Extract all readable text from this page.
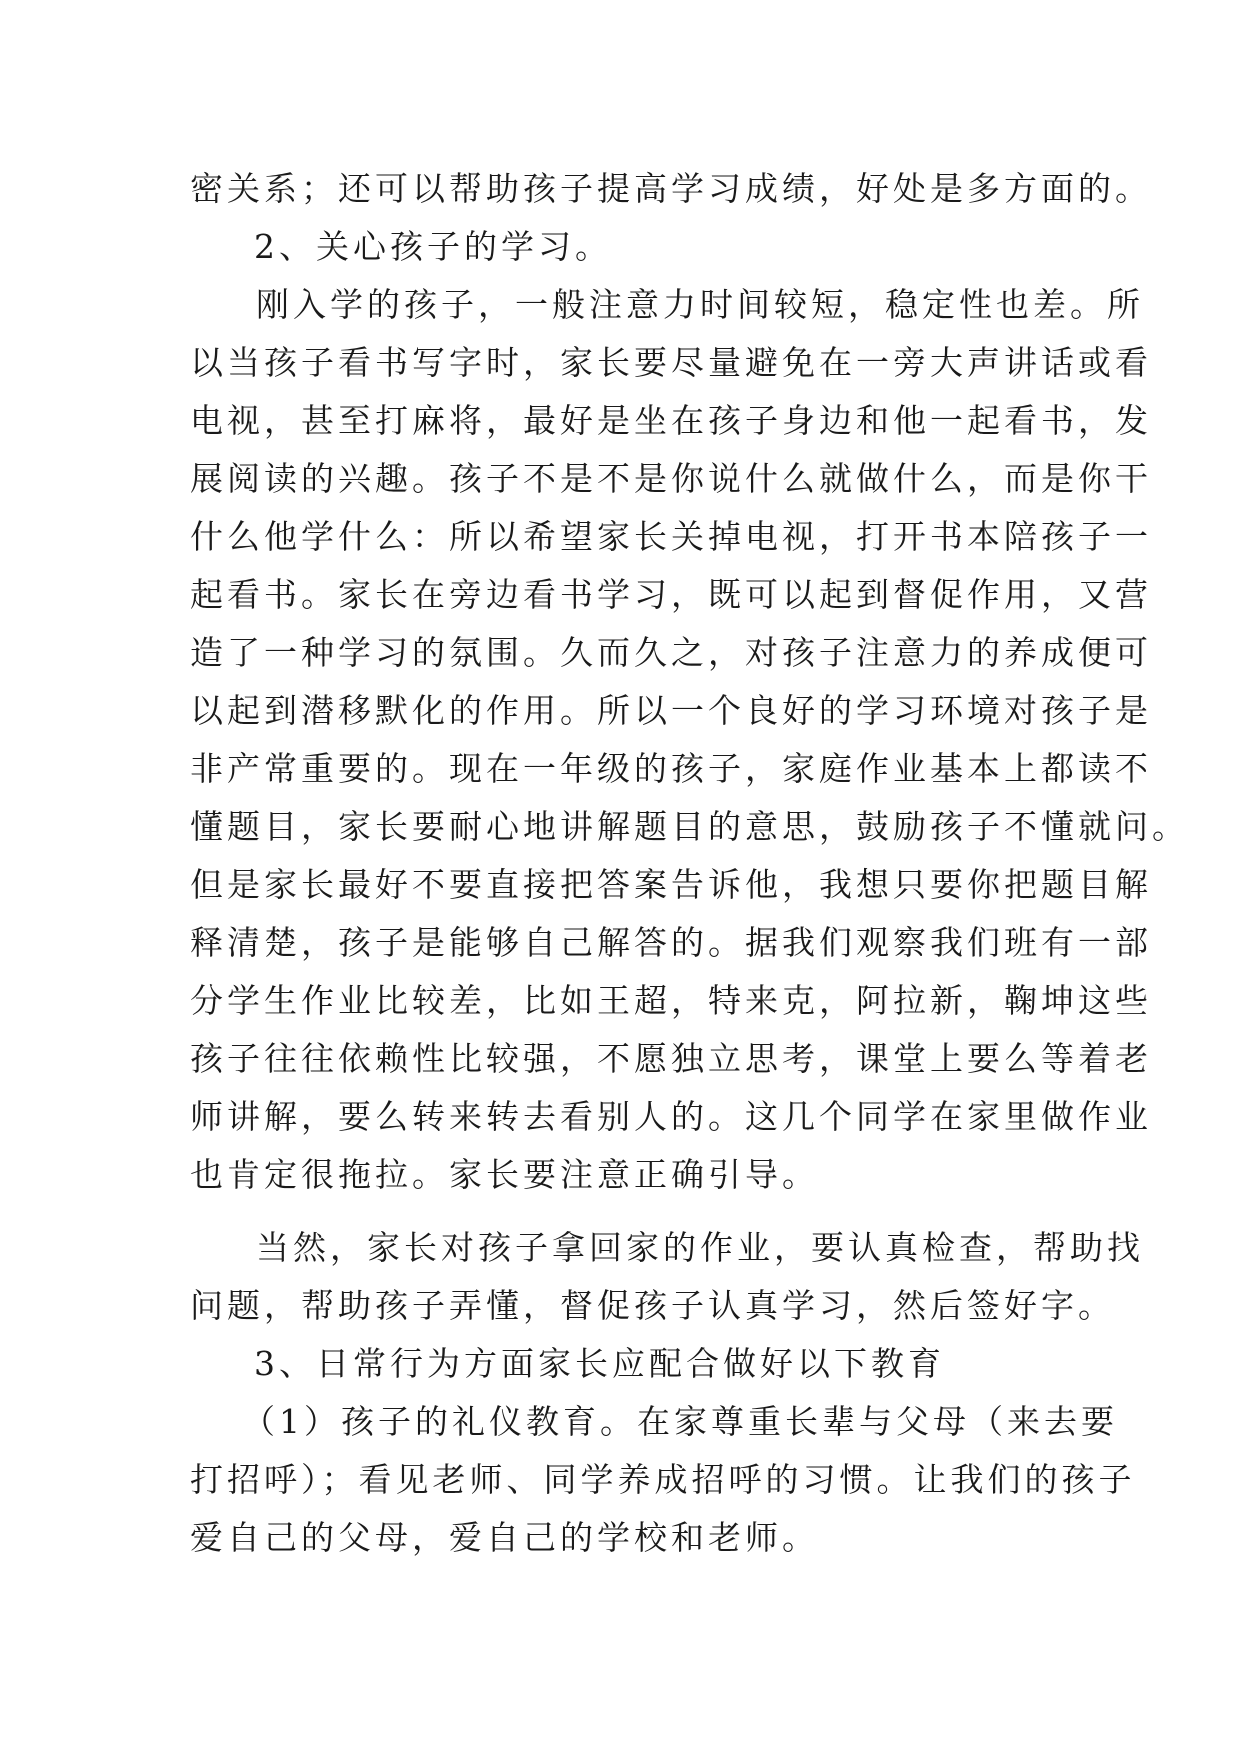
密关系；还可以帮助孩子提高学习成绩，好处是多方面的。
2、关心孩子的学习。
刚入学的孩子，一般注意力时间较短，稳定性也差。所
以当孩子看书写字时，家长要尽量避免在一旁大声讲话或看
电视，甚至打麻将，最好是坐在孩子身边和他一起看书，发
展阅读的兴趣。孩子不是不是你说什么就做什么，而是你干
什么他学什么：所以希望家长关掉电视，打开书本陪孩子一
起看书。家长在旁边看书学习，既可以起到督促作用，又营
造了一种学习的氛围。久而久之，对孩子注意力的养成便可
以起到潜移默化的作用。所以一个良好的学习环境对孩子是
非产常重要的。现在一年级的孩子，家庭作业基本上都读不
懂题目，家长要耐心地讲解题目的意思，鼓励孩子不懂就问。
但是家长最好不要直接把答案告诉他，我想只要你把题目解
释清楚，孩子是能够自己解答的。据我们观察我们班有一部
分学生作业比较差，比如王超，特来克，阿拉新，鞠坤这些
孩子往往依赖性比较强，不愿独立思考，课堂上要么等着老
师讲解，要么转来转去看别人的。这几个同学在家里做作业
也肯定很拖拉。家长要注意正确引导。
当然，家长对孩子拿回家的作业，要认真检查，帮助找
问题，帮助孩子弄懂，督促孩子认真学习，然后签好字。
3、日常行为方面家长应配合做好以下教育
（1）孩子的礼仪教育。在家尊重长辈与父母（来去要
打招呼）；看见老师、同学养成招呼的习惯。让我们的孩子
爱自己的父母，爱自己的学校和老师。
